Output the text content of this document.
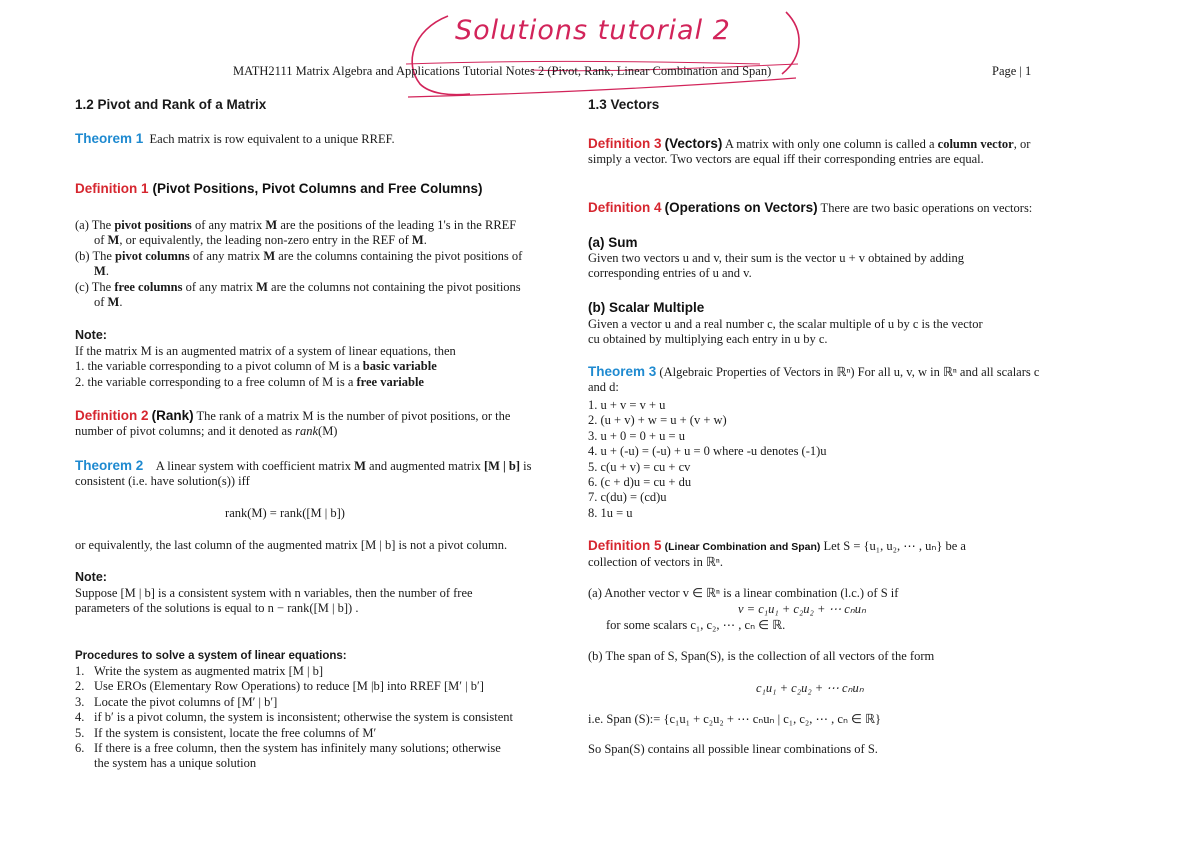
Solutions tutorial 2
MATH2111 Matrix Algebra and Applications Tutorial Notes 2 (Pivot, Rank, Linear Combination and Span)	Page | 1
1.2 Pivot and Rank of a Matrix
Theorem 1 Each matrix is row equivalent to a unique RREF.
Definition 1 (Pivot Positions, Pivot Columns and Free Columns)
(a) The pivot positions of any matrix M are the positions of the leading 1's in the RREF of M, or equivalently, the leading non-zero entry in the REF of M.
(b) The pivot columns of any matrix M are the columns containing the pivot positions of M.
(c) The free columns of any matrix M are the columns not containing the pivot positions of M.
Note:
If the matrix M is an augmented matrix of a system of linear equations, then
1. the variable corresponding to a pivot column of M is a basic variable
2. the variable corresponding to a free column of M is a free variable
Definition 2 (Rank) The rank of a matrix M is the number of pivot positions, or the number of pivot columns; and it denoted as rank(M)
Theorem 2 A linear system with coefficient matrix M and augmented matrix [M | b] is consistent (i.e. have solution(s)) iff
rank(M) = rank([M | b])
or equivalently, the last column of the augmented matrix [M | b] is not a pivot column.
Note:
Suppose [M | b] is a consistent system with n variables, then the number of free parameters of the solutions is equal to n − rank([M | b]) .
Procedures to solve a system of linear equations:
1. Write the system as augmented matrix [M | b]
2. Use EROs (Elementary Row Operations) to reduce [M |b] into RREF [M′ | b′]
3. Locate the pivot columns of [M′ | b′]
4. if b′ is a pivot column, the system is inconsistent; otherwise the system is consistent
5. If the system is consistent, locate the free columns of M′
6. If there is a free column, then the system has infinitely many solutions; otherwise the system has a unique solution
1.3 Vectors
Definition 3 (Vectors) A matrix with only one column is called a column vector, or simply a vector. Two vectors are equal iff their corresponding entries are equal.
Definition 4 (Operations on Vectors) There are two basic operations on vectors:
(a) Sum
Given two vectors u and v, their sum is the vector u + v obtained by adding corresponding entries of u and v.
(b) Scalar Multiple
Given a vector u and a real number c, the scalar multiple of u by c is the vector
cu obtained by multiplying each entry in u by c.
Theorem 3 (Algebraic Properties of Vectors in ℝⁿ) For all u, v, w in ℝⁿ and all scalars c and d:
1. u + v = v + u
2. (u + v) + w = u + (v + w)
3. u + 0 = 0 + u = u
4. u + (-u) = (-u) + u = 0 where -u denotes (-1)u
5. c(u + v) = cu + cv
6. (c + d)u = cu + du
7. c(du) = (cd)u
8. 1u = u
Definition 5 (Linear Combination and Span) Let S = {u₁, u₂, ⋯ , uₙ} be a
collection of vectors in ℝⁿ.
(a) Another vector v ∈ ℝⁿ is a linear combination (l.c.) of S if
v = c₁u₁ + c₂u₂ + ⋯ cₙuₙ
for some scalars c₁, c₂, ⋯ , cₙ ∈ ℝ.
(b) The span of S, Span(S), is the collection of all vectors of the form
c₁u₁ + c₂u₂ + ⋯ cₙuₙ
i.e. Span (S):= {c₁u₁ + c₂u₂ + ⋯ cₙuₙ | c₁, c₂, ⋯ , cₙ ∈ ℝ}
So Span(S) contains all possible linear combinations of S.
